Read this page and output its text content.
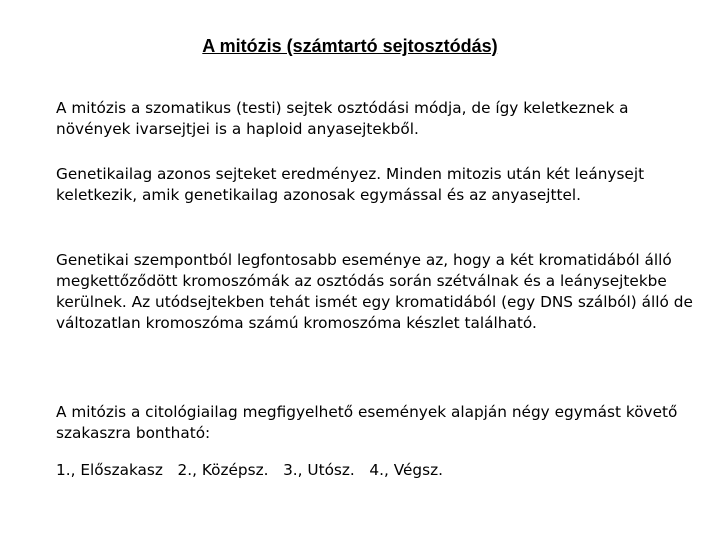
A mitózis (számtartó sejtosztódás)

A mitózis a szomatikus (testi) sejtek osztódási módja, de így keletkeznek a növények ivarsejtjei is a haploid anyasejtekből.

Genetikailag azonos sejteket eredményez. Minden mitozis után két leánysejt keletkezik, amik genetikailag azonosak egymással és az anyasejttel.

Genetikai szempontból legfontosabb eseménye az, hogy a két kromatidából álló megkettőződött kromoszómák az osztódás során szétválnak és a leánysejtekbe kerülnek. Az utódsejtekben tehát ismét egy kromatidából (egy DNS szálból) álló de változatlan kromoszóma számú kromoszóma készlet található.

A mitózis a citológiailag megfigyelhető események alapján négy egymást követő szakaszra bontható:

1., Előszakasz   2., Középsz.   3., Utósz.   4., Végsz.
